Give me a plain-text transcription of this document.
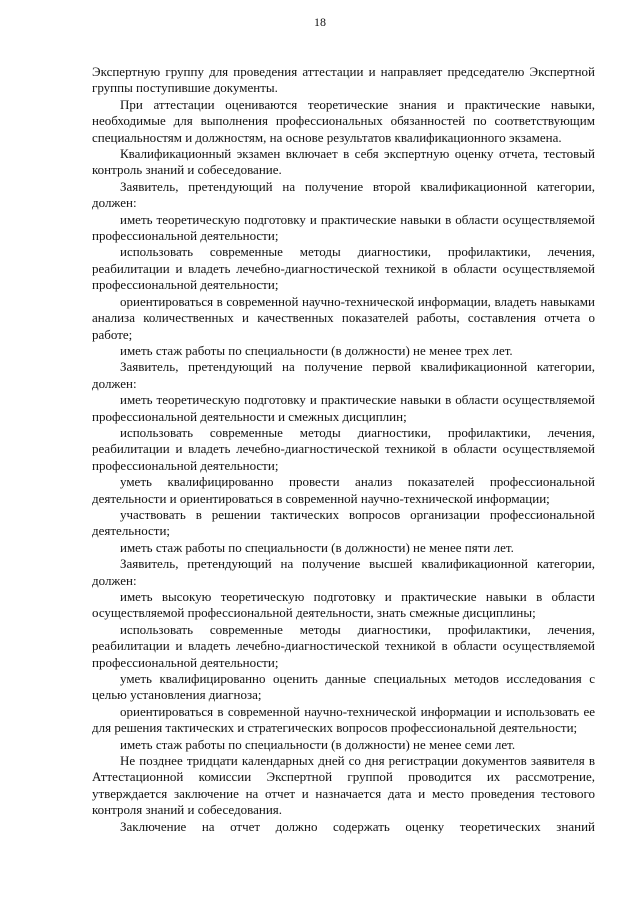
18

Экспертную группу для проведения аттестации и направляет председателю Экспертной группы поступившие документы.

При аттестации оцениваются теоретические знания и практические навыки, необходимые для выполнения профессиональных обязанностей по соответствующим специальностям и должностям, на основе результатов квалификационного экзамена.

Квалификационный экзамен включает в себя экспертную оценку отчета, тестовый контроль знаний и собеседование.

Заявитель, претендующий на получение второй квалификационной категории, должен:

иметь теоретическую подготовку и практические навыки в области осуществляемой профессиональной деятельности;

использовать современные методы диагностики, профилактики, лечения, реабилитации и владеть лечебно-диагностической техникой в области осуществляемой профессиональной деятельности;

ориентироваться в современной научно-технической информации, владеть навыками анализа количественных и качественных показателей работы, составления отчета о работе;

иметь стаж работы по специальности (в должности) не менее трех лет.

Заявитель, претендующий на получение первой квалификационной категории, должен:

иметь теоретическую подготовку и практические навыки в области осуществляемой профессиональной деятельности и смежных дисциплин;

использовать современные методы диагностики, профилактики, лечения, реабилитации и владеть лечебно-диагностической техникой в области осуществляемой профессиональной деятельности;

уметь квалифицированно провести анализ показателей профессиональной деятельности и ориентироваться в современной научно-технической информации;

участвовать в решении тактических вопросов организации профессиональной деятельности;

иметь стаж работы по специальности (в должности) не менее пяти лет.

Заявитель, претендующий на получение высшей квалификационной категории, должен:

иметь высокую теоретическую подготовку и практические навыки в области осуществляемой профессиональной деятельности, знать смежные дисциплины;

использовать современные методы диагностики, профилактики, лечения, реабилитации и владеть лечебно-диагностической техникой в области осуществляемой профессиональной деятельности;

уметь квалифицированно оценить данные специальных методов исследования с целью установления диагноза;

ориентироваться в современной научно-технической информации и использовать ее для решения тактических и стратегических вопросов профессиональной деятельности;

иметь стаж работы по специальности (в должности) не менее семи лет.

Не позднее тридцати календарных дней со дня регистрации документов заявителя в Аттестационной комиссии Экспертной группой проводится их рассмотрение, утверждается заключение на отчет и назначается дата и место проведения тестового контроля знаний и собеседования.

Заключение на отчет должно содержать оценку теоретических знаний
